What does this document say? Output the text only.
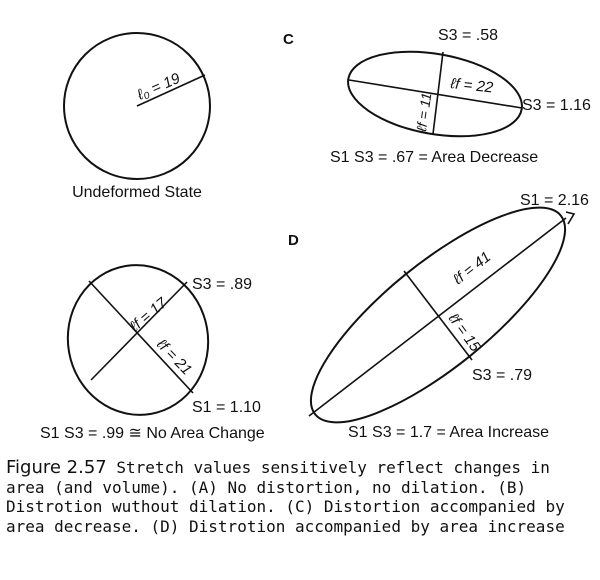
ℓ₀ = 19
Undeformed State
C	S3 = .58
ℓf = 22
ℓf = 11	S3 = 1.16
S1 S3 = .67 = Area Decrease
ℓf = 17
ℓf = 21
S3 = .89
S1 = 1.10
S1 S3 = .99 ≅ No Area Change
D
S1 = 2.16
ℓf = 41
ℓf = 15
S3 = .79
S1 S3 = 1.7 = Area Increase

Figure 2.57 Stretch values sensitively reflect changes in area (and volume). (A) No distortion, no dilation. (B) Distrotion wuthout dilation. (C) Distortion accompanied by area decrease. (D) Distrotion accompanied by area increase
